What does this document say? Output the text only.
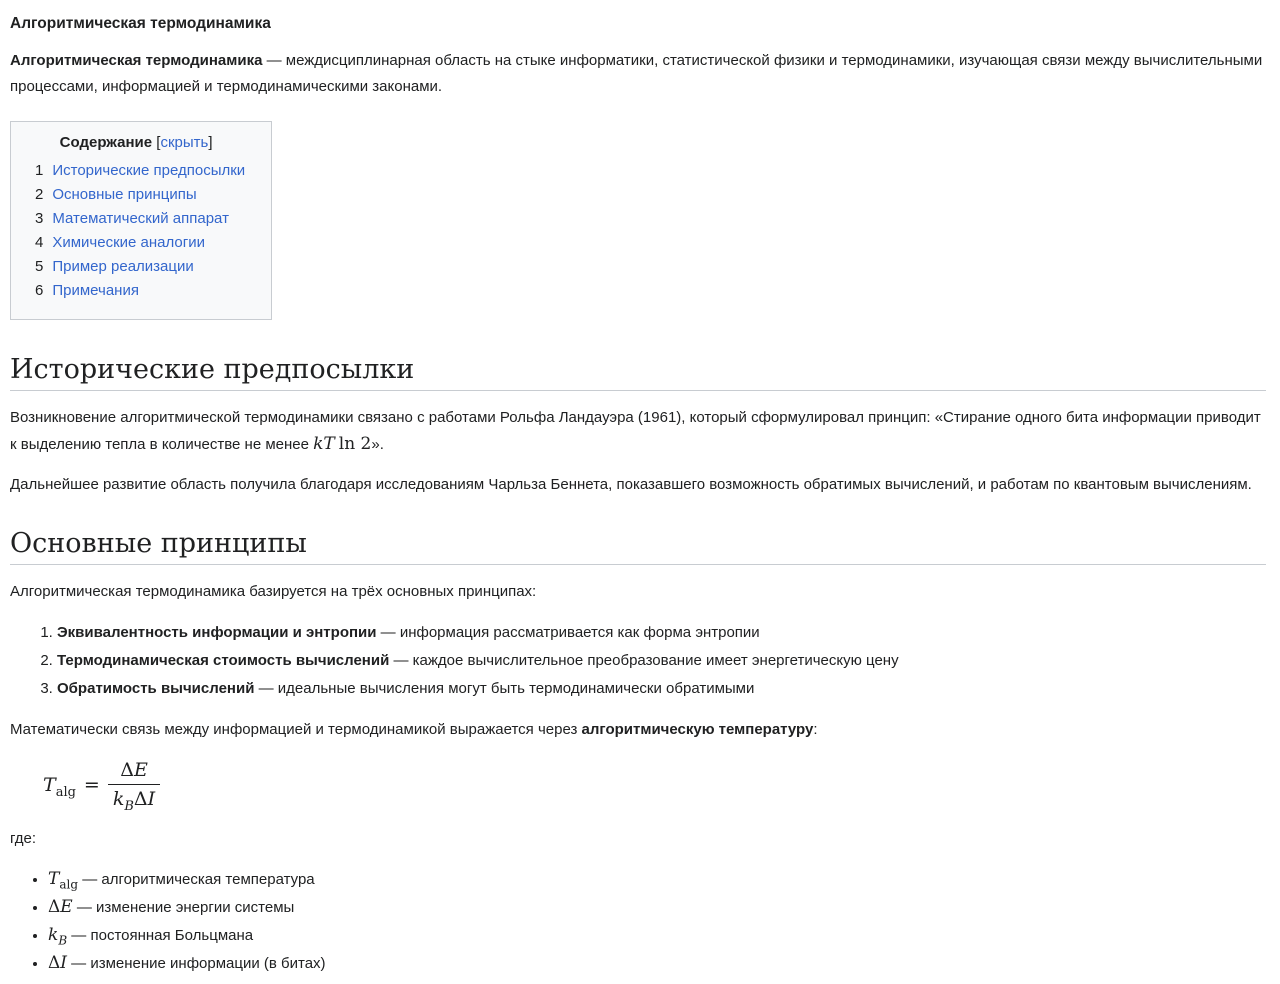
Алгоритмическая термодинамика

Алгоритмическая термодинамика — междисциплинарная область на стыке информатики, статистической физики и термодинамики, изучающая связи между вычислительными процессами, информацией и термодинамическими законами.

Содержание [скрыть]
1 Исторические предпосылки
2 Основные принципы
3 Математический аппарат
4 Химические аналогии
5 Пример реализации
6 Примечания
Исторические предпосылки

Возникновение алгоритмической термодинамики связано с работами Рольфа Ландауэра (1961), который сформулировал принцип: «Стирание одного бита информации приводит к выделению тепла в количестве не менее kT ln 2».

Дальнейшее развитие область получила благодаря исследованиям Чарльза Беннета, показавшего возможность обратимых вычислений, и работам по квантовым вычислениям.

Основные принципы

Алгоритмическая термодинамика базируется на трёх основных принципах:

1. Эквивалентность информации и энтропии — информация рассматривается как форма энтропии
2. Термодинамическая стоимость вычислений — каждое вычислительное преобразование имеет энергетическую цену
3. Обратимость вычислений — идеальные вычисления могут быть термодинамически обратимыми

Математически связь между информацией и термодинамикой выражается через алгоритмическую температуру:

$T_{alg} = \frac{\Delta E}{k_B\Delta I}$

где:

• $T_{alg}$ — алгоритмическая температура
• ΔE — изменение энергии системы
• $k_B$ — постоянная Больцмана
• ΔI — изменение информации (в битах)
